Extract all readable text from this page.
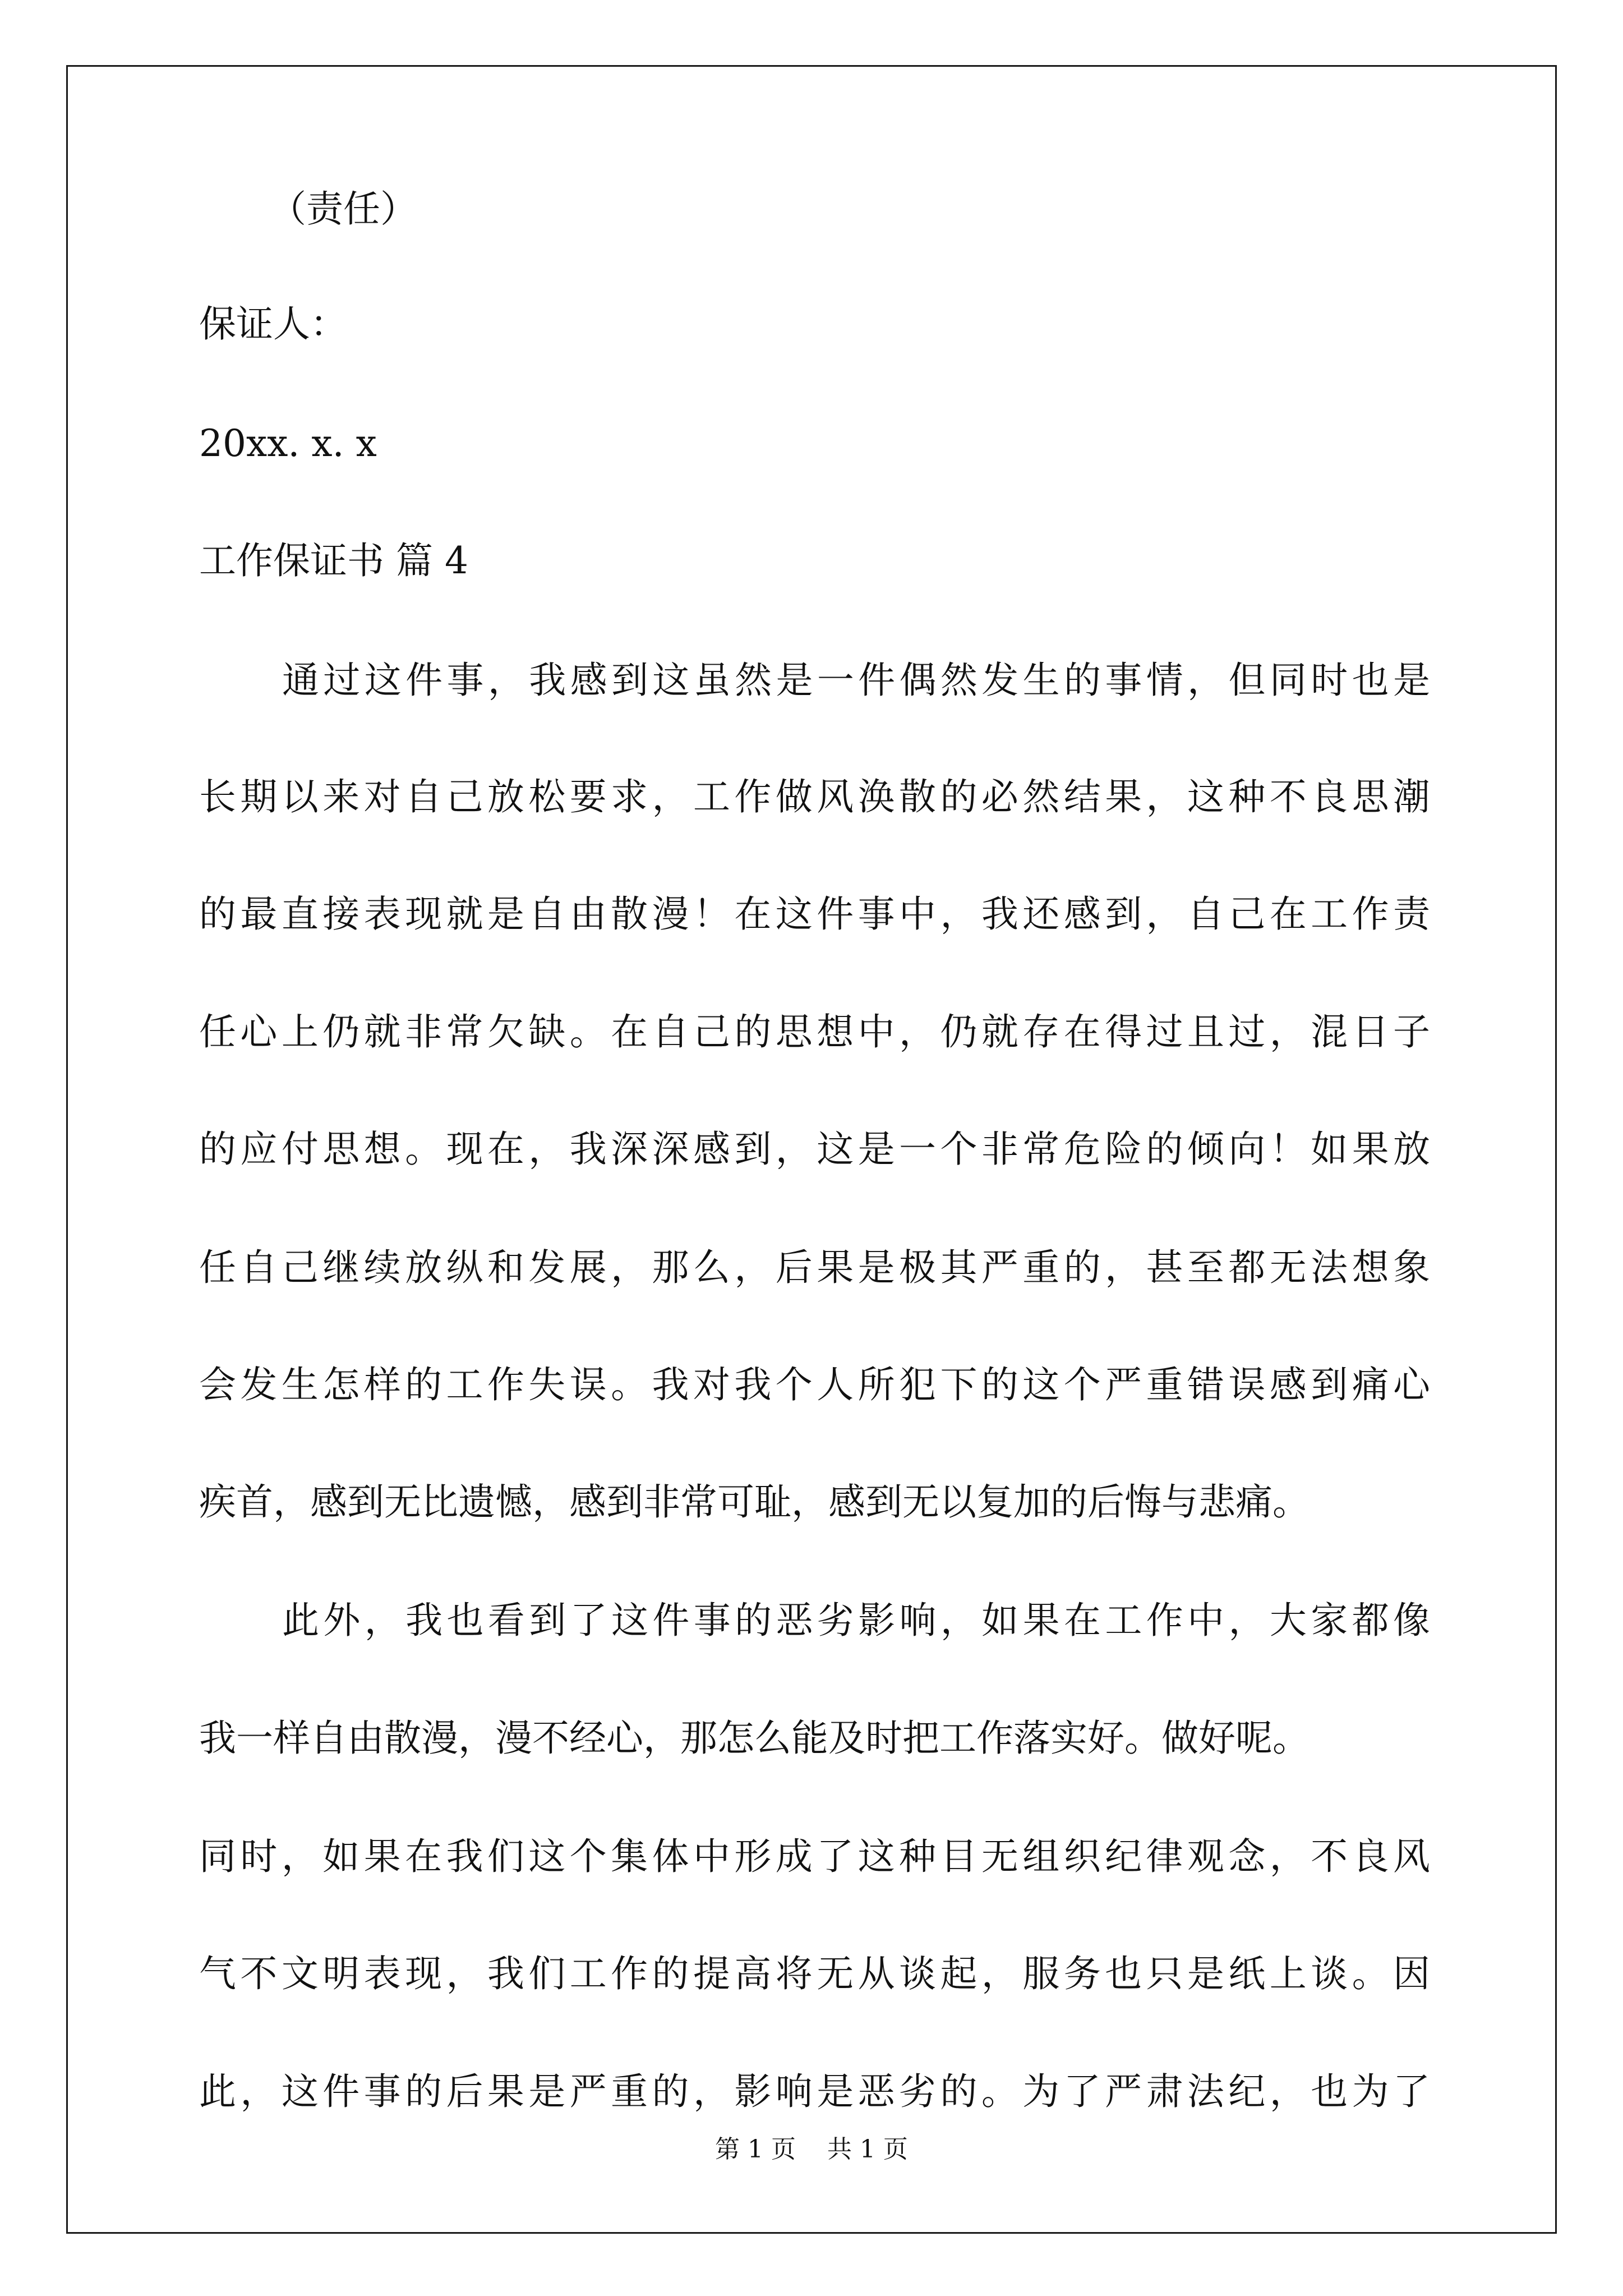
（责任）
保证人：
20xx. x. x
工作保证书 篇 4
通过这件事，我感到这虽然是一件偶然发生的事情，但同时也是
长期以来对自己放松要求，工作做风涣散的必然结果，这种不良思潮
的最直接表现就是自由散漫！在这件事中，我还感到，自己在工作责
任心上仍就非常欠缺。在自己的思想中，仍就存在得过且过，混日子
的应付思想。现在，我深深感到，这是一个非常危险的倾向！如果放
任自己继续放纵和发展，那么，后果是极其严重的，甚至都无法想象
会发生怎样的工作失误。我对我个人所犯下的这个严重错误感到痛心
疾首，感到无比遗憾，感到非常可耻，感到无以复加的后悔与悲痛。
此外，我也看到了这件事的恶劣影响，如果在工作中，大家都像
我一样自由散漫，漫不经心，那怎么能及时把工作落实好。做好呢。
同时，如果在我们这个集体中形成了这种目无组织纪律观念，不良风
气不文明表现，我们工作的提高将无从谈起，服务也只是纸上谈。因
此，这件事的后果是严重的，影响是恶劣的。为了严肃法纪，也为了
第 1 页    共 1 页
